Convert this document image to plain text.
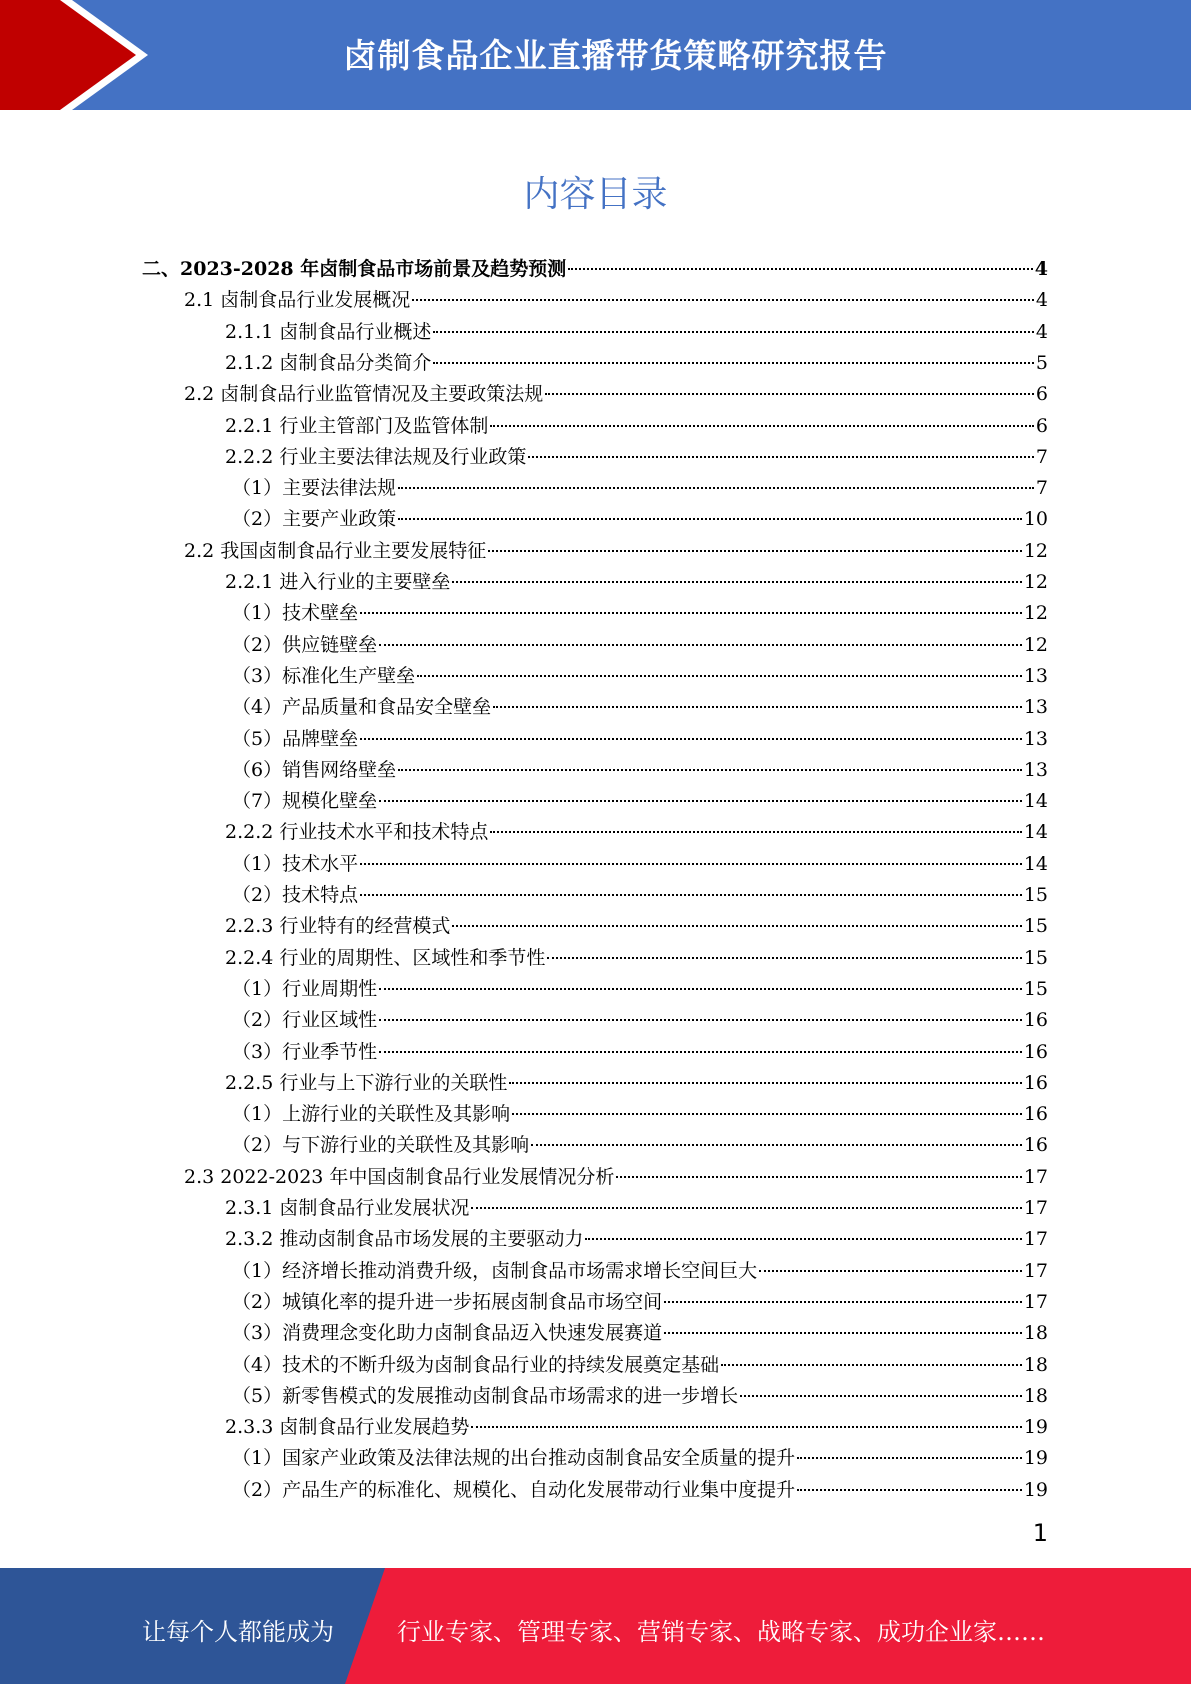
卤制食品企业直播带货策略研究报告
内容目录
二、2023-2028 年卤制食品市场前景及趋势预测	4
2.1 卤制食品行业发展概况	4
2.1.1 卤制食品行业概述	4
2.1.2 卤制食品分类简介	5
2.2 卤制食品行业监管情况及主要政策法规	6
2.2.1 行业主管部门及监管体制	6
2.2.2 行业主要法律法规及行业政策	7
（1）主要法律法规	7
（2）主要产业政策	10
2.2 我国卤制食品行业主要发展特征	12
2.2.1 进入行业的主要壁垒	12
（1）技术壁垒	12
（2）供应链壁垒	12
（3）标准化生产壁垒	13
（4）产品质量和食品安全壁垒	13
（5）品牌壁垒	13
（6）销售网络壁垒	13
（7）规模化壁垒	14
2.2.2 行业技术水平和技术特点	14
（1）技术水平	14
（2）技术特点	15
2.2.3 行业特有的经营模式	15
2.2.4 行业的周期性、区域性和季节性	15
（1）行业周期性	15
（2）行业区域性	16
（3）行业季节性	16
2.2.5 行业与上下游行业的关联性	16
（1）上游行业的关联性及其影响	16
（2）与下游行业的关联性及其影响	16
2.3 2022-2023 年中国卤制食品行业发展情况分析	17
2.3.1 卤制食品行业发展状况	17
2.3.2 推动卤制食品市场发展的主要驱动力	17
（1）经济增长推动消费升级，卤制食品市场需求增长空间巨大	17
（2）城镇化率的提升进一步拓展卤制食品市场空间	17
（3）消费理念变化助力卤制食品迈入快速发展赛道	18
（4）技术的不断升级为卤制食品行业的持续发展奠定基础	18
（5）新零售模式的发展推动卤制食品市场需求的进一步增长	18
2.3.3 卤制食品行业发展趋势	19
（1）国家产业政策及法律法规的出台推动卤制食品安全质量的提升	19
（2）产品生产的标准化、规模化、自动化发展带动行业集中度提升	19
1
让每个人都能成为	行业专家、管理专家、营销专家、战略专家、成功企业家……
